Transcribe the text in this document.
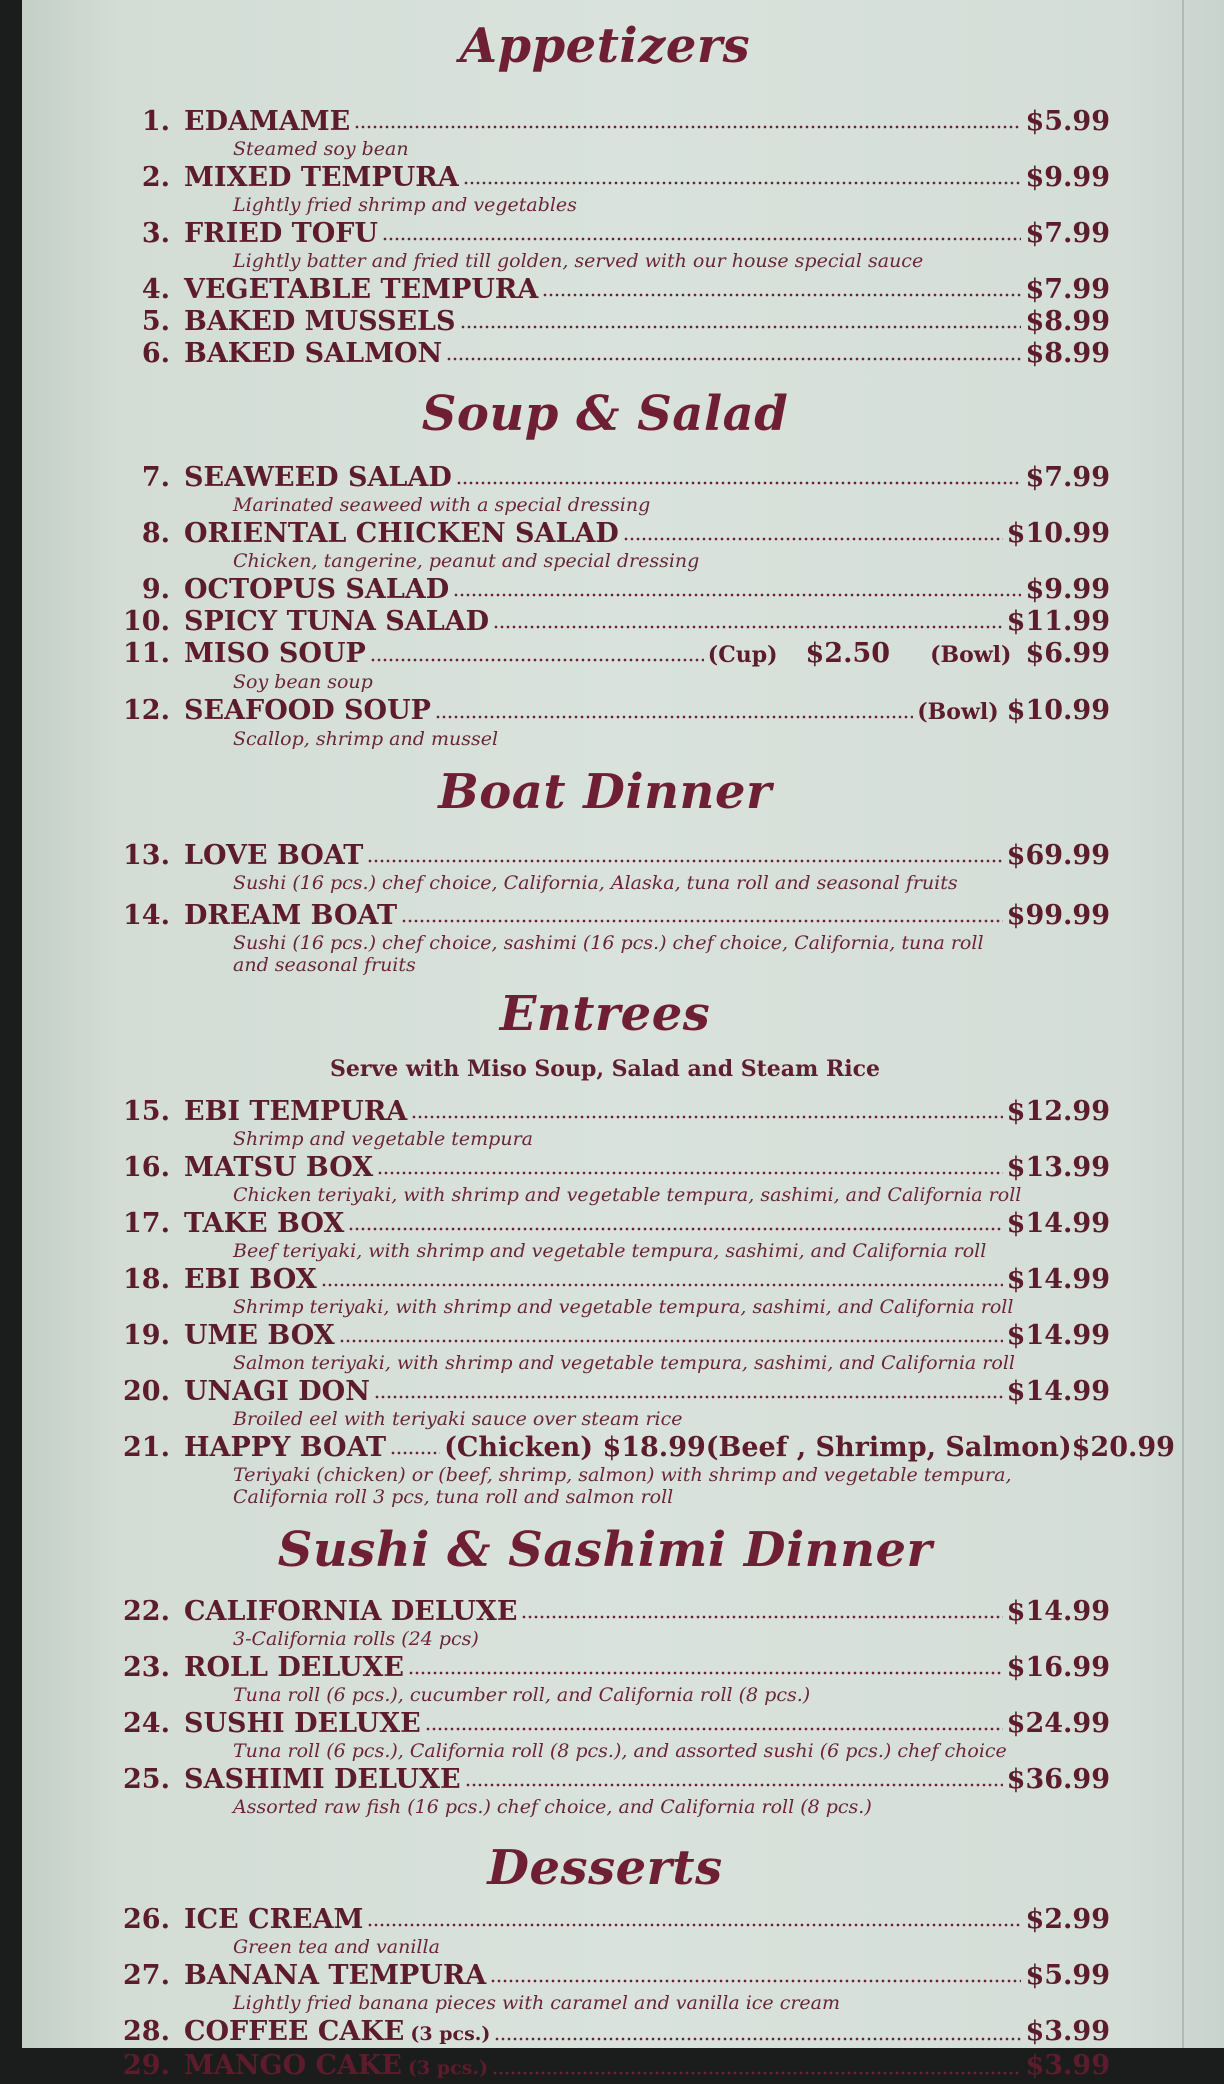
Appetizers
1. EDAMAME	$5.99
Steamed soy bean
2. MIXED TEMPURA	$9.99
Lightly fried shrimp and vegetables
3. FRIED TOFU	$7.99
Lightly batter and fried till golden, served with our house special sauce
4. VEGETABLE TEMPURA	$7.99
5. BAKED MUSSELS	$8.99
6. BAKED SALMON	$8.99
Soup & Salad
7. SEAWEED SALAD	$7.99
Marinated seaweed with a special dressing
8. ORIENTAL CHICKEN SALAD	$10.99
Chicken, tangerine, peanut and special dressing
9. OCTOPUS SALAD	$9.99
10. SPICY TUNA SALAD	$11.99
11. MISO SOUP	(Cup) $2.50 (Bowl) $6.99
Soy bean soup
12. SEAFOOD SOUP	(Bowl) $10.99
Scallop, shrimp and mussel
Boat Dinner
13. LOVE BOAT	$69.99
Sushi (16 pcs.) chef choice, California, Alaska, tuna roll and seasonal fruits
14. DREAM BOAT	$99.99
Sushi (16 pcs.) chef choice, sashimi (16 pcs.) chef choice, California, tuna roll
and seasonal fruits
Entrees
Serve with Miso Soup, Salad and Steam Rice
15. EBI TEMPURA	$12.99
Shrimp and vegetable tempura
16. MATSU BOX	$13.99
Chicken teriyaki, with shrimp and vegetable tempura, sashimi, and California roll
17. TAKE BOX	$14.99
Beef teriyaki, with shrimp and vegetable tempura, sashimi, and California roll
18. EBI BOX	$14.99
Shrimp teriyaki, with shrimp and vegetable tempura, sashimi, and California roll
19. UME BOX	$14.99
Salmon teriyaki, with shrimp and vegetable tempura, sashimi, and California roll
20. UNAGI DON	$14.99
Broiled eel with teriyaki sauce over steam rice
21. HAPPY BOAT (Chicken) $18.99 (Beef , Shrimp, Salmon) $20.99
Teriyaki (chicken) or (beef, shrimp, salmon) with shrimp and vegetable tempura,
California roll 3 pcs, tuna roll and salmon roll
Sushi & Sashimi Dinner
22. CALIFORNIA DELUXE	$14.99
3-California rolls (24 pcs)
23. ROLL DELUXE	$16.99
Tuna roll (6 pcs.), cucumber roll, and California roll (8 pcs.)
24. SUSHI DELUXE	$24.99
Tuna roll (6 pcs.), California roll (8 pcs.), and assorted sushi (6 pcs.) chef choice
25. SASHIMI DELUXE	$36.99
Assorted raw fish (16 pcs.) chef choice, and California roll (8 pcs.)
Desserts
26. ICE CREAM	$2.99
Green tea and vanilla
27. BANANA TEMPURA	$5.99
Lightly fried banana pieces with caramel and vanilla ice cream
28. COFFEE CAKE (3 pcs.)	$3.99
29. MANGO CAKE (3 pcs.)	$3.99
